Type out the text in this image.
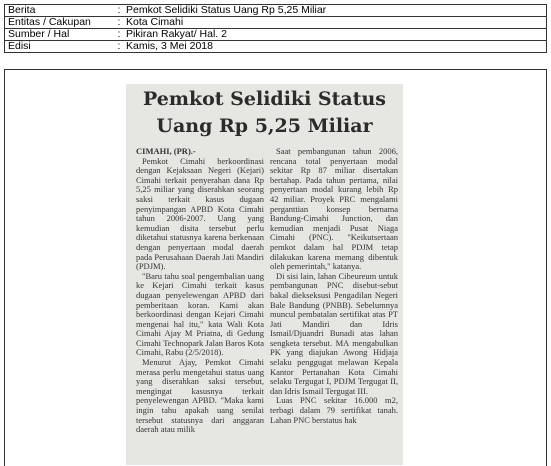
Berita	:	Pemkot Selidiki Status Uang Rp 5,25 Miliar
Entitas / Cakupan	:	Kota Cimahi
Sumber / Hal	:	Pikiran Rakyat/ Hal. 2
Edisi	:	Kamis, 3 Mei 2018
Pemkot Selidiki Status
Uang Rp 5,25 Miliar

CIMAHI, (PR).-

Pemkot Cimahi berkoordinasi dengan Kejaksaan Negeri (Kejari) Cimahi terkait penyerahan dana Rp 5,25 miliar yang diserahkan seorang saksi terkait kasus dugaan penyimpangan APBD Kota Cimahi tahun 2006-2007. Uang yang kemudian disita tersebut perlu diketahui statusnya karena berkenaan dengan penyertaan modal daerah pada Perusahaan Daerah Jati Mandiri (PDJM).

"Baru tahu soal pengembalian uang ke Kejari Cimahi terkait kasus dugaan penyelewengan APBD dari pemberitaan koran. Kami akan berkoordinasi dengan Kejari Cimahi mengenai hal itu," kata Wali Kota Cimahi Ajay M Priatna, di Gedung Cimahi Technopark Jalan Baros Kota Cimahi, Rabu (2/5/2018).

Menurut Ajay, Pemkot Cimahi merasa perlu mengetahui status uang yang diserahkan saksi tersebut, mengingat kasusnya terkait penyelewengan APBD. "Maka kami ingin tahu apakah uang senilai tersebut statusnya dari anggaran daerah atau milik

Saat pembangunan tahun 2006, rencana total penyertaan modal sekitar Rp 87 miliar disertakan bertahap. Pada tahun pertama, nilai penyertaan modal kurang lebih Rp 42 miliar. Proyek PRC mengalami perganttian konsep bernama Bandung-Cimahi Junction, dan kemudian menjadi Pusat Niaga Cimahi (PNC). "Keikutsertaan pemkot dalam hal PDJM tetap dilakukan karena memang dibentuk oleh pemerintah," katanya.

Di sisi lain, lahan Cibeureum untuk pembangunan PNC disebut-sebut bakal diekseksusi Pengadilan Negeri Bale Bandung (PNBB). Sebelumnya muncul pembatalan sertifikat atas PT Jati Mandiri dan Idris Ismail/Djuandri Bunadi atas lahan sengketa tersebut. MA mengabulkan PK yang diajukan Awong Hidjaja selaku penggugat melawan Kepala Kantor Pertanahan Kota Cimahi selaku Tergugat I, PDJM Tergugat II, dan Idris Ismail Tergugat III.

Luas PNC sekitar 16.000 m2, terbagi dalam 79 sertifikat tanah. Lahan PNC berstatus hak
